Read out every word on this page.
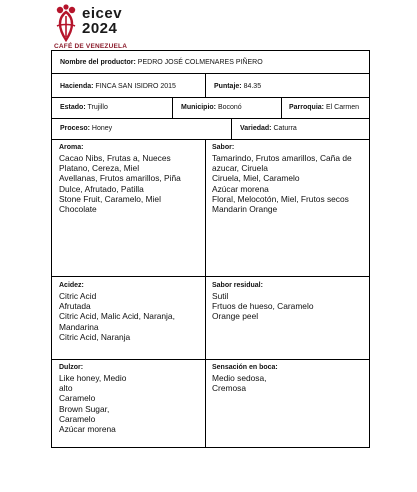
eicev
2024
CAFÉ DE VENEZUELA
Nombre del productor: PEDRO JOSÉ COLMENARES PIÑERO
Hacienda: FINCA SAN ISIDRO 2015	Puntaje: 84.35
Estado: Trujillo	Municipio: Boconó	Parroquia: El Carmen
Proceso: Honey	Variedad: Caturra
Aroma:
Cacao Nibs, Frutas a, Nueces
Platano, Cereza, Miel
Avellanas, Frutos amarillos, Piña
Dulce, Afrutado, Patilla
Stone Fruit, Caramelo, Miel
Chocolate
Sabor:
Tamarindo, Frutos amarillos, Caña de
azucar, Ciruela
Ciruela, Miel, Caramelo
Azúcar morena
Floral, Melocotón, Miel, Frutos secos
Mandarin Orange
Acidez:
Citric Acid
Afrutada
Citric Acid, Malic Acid, Naranja,
Mandarina
Citric Acid, Naranja
Sabor residual:
Sutil
Frtuos de hueso, Caramelo
Orange peel
Dulzor:
Like honey, Medio
alto
Caramelo
Brown Sugar,
Caramelo
Azúcar morena
Sensación en boca:
Medio sedosa,
Cremosa
